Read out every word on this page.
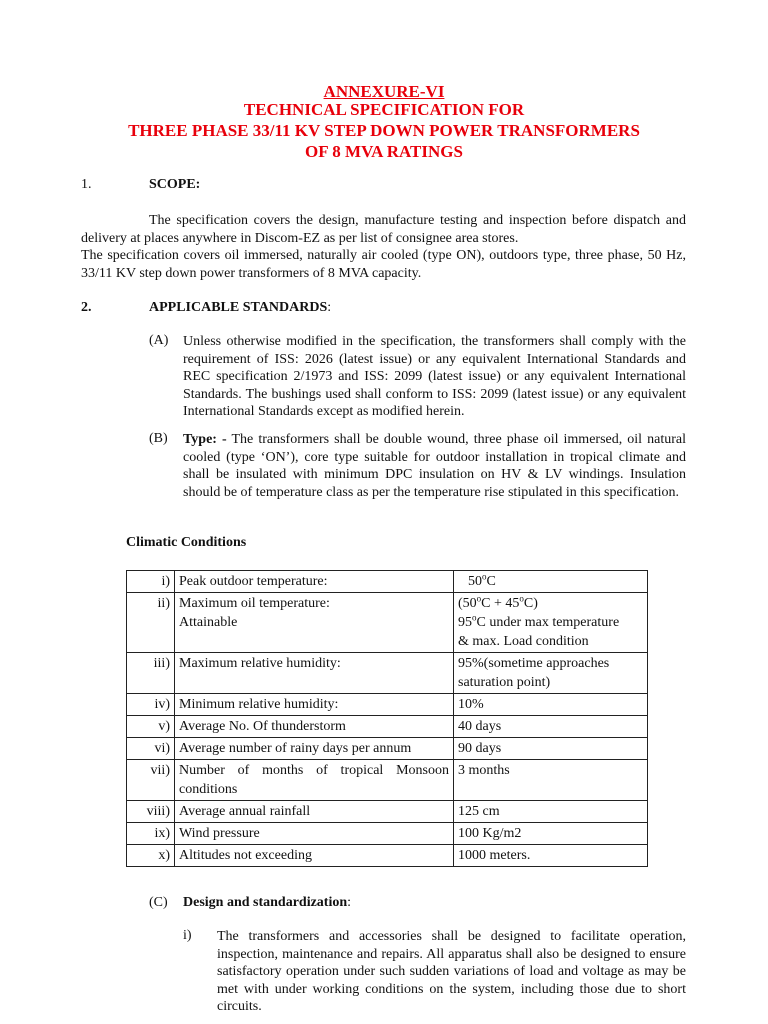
ANNEXURE-VI
TECHNICAL SPECIFICATION FOR
THREE PHASE 33/11 KV STEP DOWN POWER TRANSFORMERS
OF 8 MVA RATINGS
1.	SCOPE:

The specification covers the design, manufacture testing and inspection before dispatch and delivery at places anywhere in Discom-EZ as per list of consignee area stores.

The specification covers oil immersed, naturally air cooled (type ON), outdoors type, three phase, 50 Hz, 33/11 KV step down power transformers of 8 MVA capacity.

2.	APPLICABLE STANDARDS:
(A) Unless otherwise modified in the specification, the transformers shall comply with the requirement of ISS: 2026 (latest issue) or any equivalent International Standards and REC specification 2/1973 and ISS: 2099 (latest issue) or any equivalent International Standards. The bushings used shall conform to ISS: 2099 (latest issue) or any equivalent International Standards except as modified herein.

(B) Type: - The transformers shall be double wound, three phase oil immersed, oil natural cooled (type ‘ON’), core type suitable for outdoor installation in tropical climate and shall be insulated with minimum DPC insulation on HV & LV windings. Insulation should be of temperature class as per the temperature rise stipulated in this specification.

Climatic Conditions
i)	Peak outdoor temperature:	50$^o$C
ii)	Maximum oil temperature:
Attainable	$(50^oC + 45^oC)$
95$^o$C under max temperature
& max. Load condition
iii)	Maximum relative humidity:	95%(sometime approaches saturation point)
iv)	Minimum relative humidity:	10%
v)	Average No. Of thunderstorm	40 days
vi)	Average number of rainy days per annum	90 days
vii)	Number of months of tropical Monsoon conditions	3 months
viii)	Average annual rainfall	125 cm
ix)	Wind pressure	100 Kg/m2
x)	Altitudes not exceeding	1000 meters.
(C) Design and standardization:
i) The transformers and accessories shall be designed to facilitate operation, inspection, maintenance and repairs. All apparatus shall also be designed to ensure satisfactory operation under such sudden variations of load and voltage as may be met with under working conditions on the system, including those due to short circuits.
